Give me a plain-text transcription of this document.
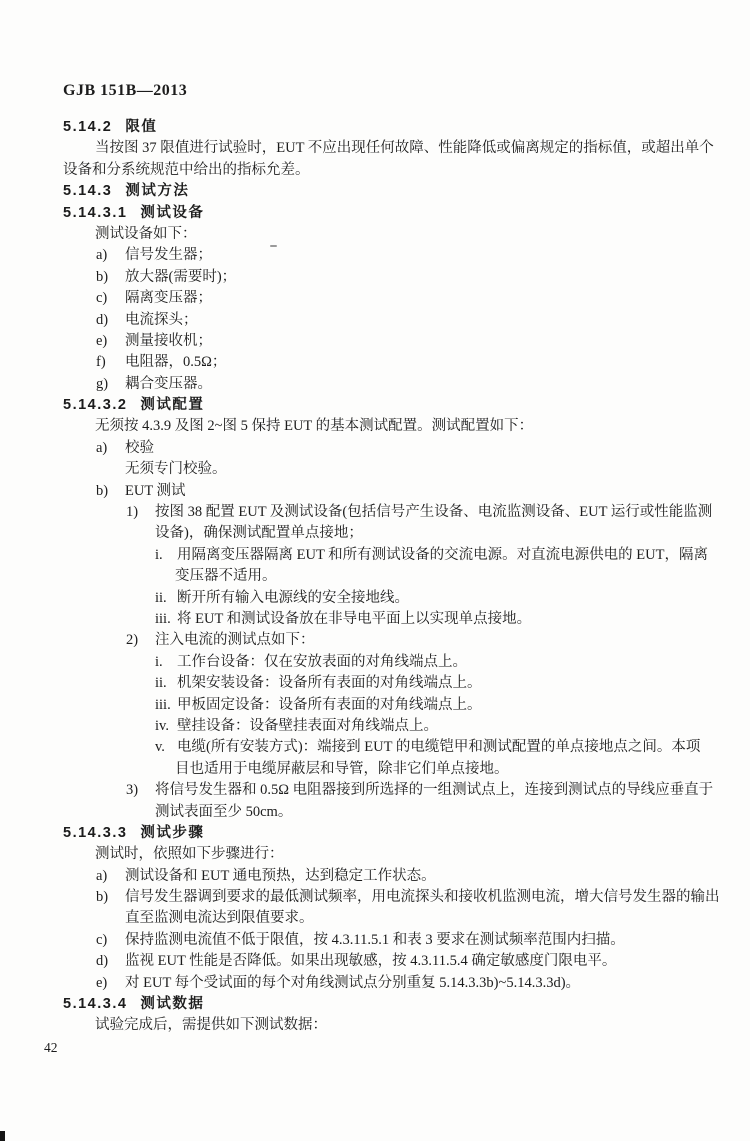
GJB 151B—2013
5.14.2 限值
当按图 37 限值进行试验时，EUT 不应出现任何故障、性能降低或偏离规定的指标值，或超出单个
设备和分系统规范中给出的指标允差。
5.14.3 测试方法
5.14.3.1 测试设备
测试设备如下：
a) 信号发生器；
b) 放大器(需要时)；
c) 隔离变压器；
d) 电流探头；
e) 测量接收机；
f) 电阻器，0.5Ω；
g) 耦合变压器。
5.14.3.2 测试配置
无须按 4.3.9 及图 2~图 5 保持 EUT 的基本测试配置。测试配置如下：
a) 校验
无须专门校验。
b) EUT 测试
1) 按图 38 配置 EUT 及测试设备(包括信号产生设备、电流监测设备、EUT 运行或性能监测
设备)，确保测试配置单点接地；
i. 用隔离变压器隔离 EUT 和所有测试设备的交流电源。对直流电源供电的 EUT，隔离
变压器不适用。
ii. 断开所有输入电源线的安全接地线。
iii. 将 EUT 和测试设备放在非导电平面上以实现单点接地。
2) 注入电流的测试点如下：
i. 工作台设备：仅在安放表面的对角线端点上。
ii. 机架安装设备：设备所有表面的对角线端点上。
iii. 甲板固定设备：设备所有表面的对角线端点上。
iv. 壁挂设备：设备壁挂表面对角线端点上。
v. 电缆(所有安装方式)：端接到 EUT 的电缆铠甲和测试配置的单点接地点之间。本项
目也适用于电缆屏蔽层和导管，除非它们单点接地。
3) 将信号发生器和 0.5Ω 电阻器接到所选择的一组测试点上，连接到测试点的导线应垂直于
测试表面至少 50cm。
5.14.3.3 测试步骤
测试时，依照如下步骤进行：
a) 测试设备和 EUT 通电预热，达到稳定工作状态。
b) 信号发生器调到要求的最低测试频率，用电流探头和接收机监测电流，增大信号发生器的输出
直至监测电流达到限值要求。
c) 保持监测电流值不低于限值，按 4.3.11.5.1 和表 3 要求在测试频率范围内扫描。
d) 监视 EUT 性能是否降低。如果出现敏感，按 4.3.11.5.4 确定敏感度门限电平。
e) 对 EUT 每个受试面的每个对角线测试点分别重复 5.14.3.3b)~5.14.3.3d)。
5.14.3.4 测试数据
试验完成后，需提供如下测试数据：
42
